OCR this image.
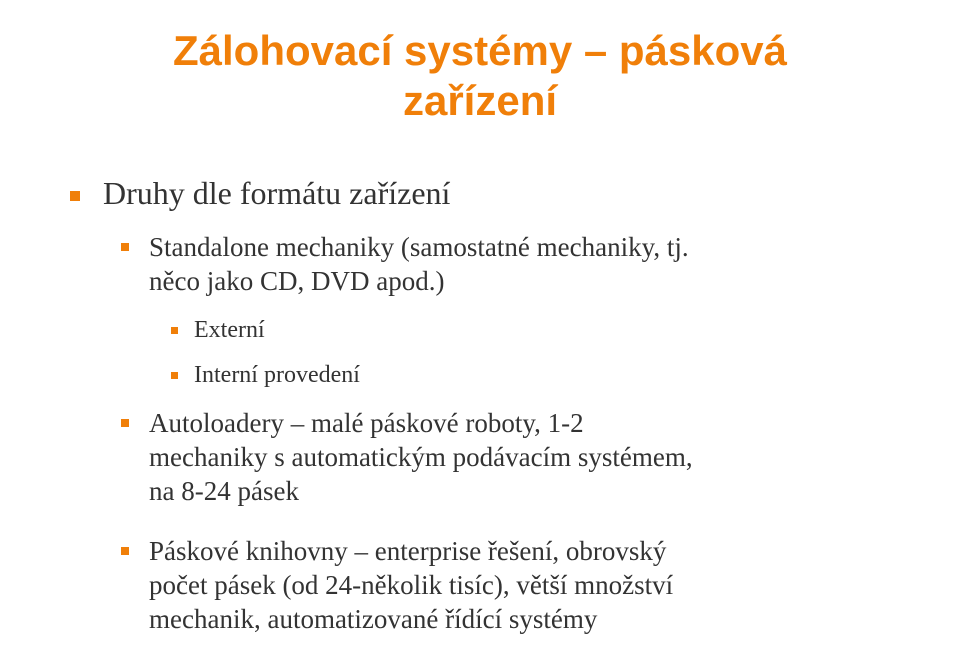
Zálohovací systémy – pásková
zařízení
Druhy dle formátu zařízení
Standalone mechaniky (samostatné mechaniky, tj.
něco jako CD, DVD apod.)
Externí
Interní provedení
Autoloadery – malé páskové roboty, 1-2
mechaniky s automatickým podávacím systémem,
na 8-24 pásek
Páskové knihovny – enterprise řešení, obrovský
počet pásek (od 24-několik tisíc), větší množství
mechanik, automatizované řídící systémy
